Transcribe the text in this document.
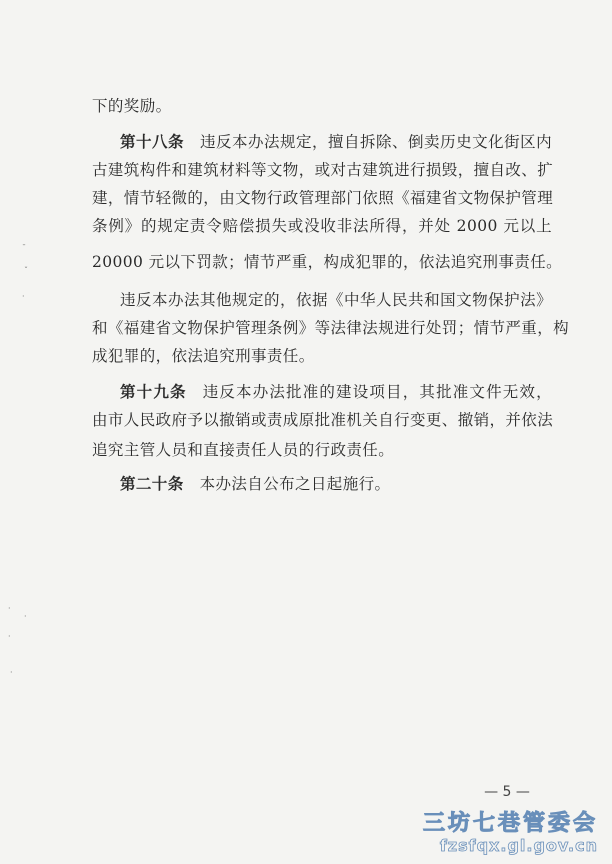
下的奖励。
第十八条 违反本办法规定，擅自拆除、倒卖历史文化街区内
古建筑构件和建筑材料等文物，或对古建筑进行损毁，擅自改、扩
建，情节轻微的，由文物行政管理部门依照《福建省文物保护管理
条例》的规定责令赔偿损失或没收非法所得，并处 2000 元以上
20000 元以下罚款；情节严重，构成犯罪的，依法追究刑事责任。
违反本办法其他规定的，依据《中华人民共和国文物保护法》
和《福建省文物保护管理条例》等法律法规进行处罚；情节严重，构
成犯罪的，依法追究刑事责任。
第十九条 违反本办法批准的建设项目，其批准文件无效，
由市人民政府予以撤销或责成原批准机关自行变更、撤销，并依法
追究主管人员和直接责任人员的行政责任。
第二十条 本办法自公布之日起施行。
ˉ
ˇ
·
·
·
·
·
— 5 —
三坊七巷管委会
fzsfqx.gl.gov.cn
